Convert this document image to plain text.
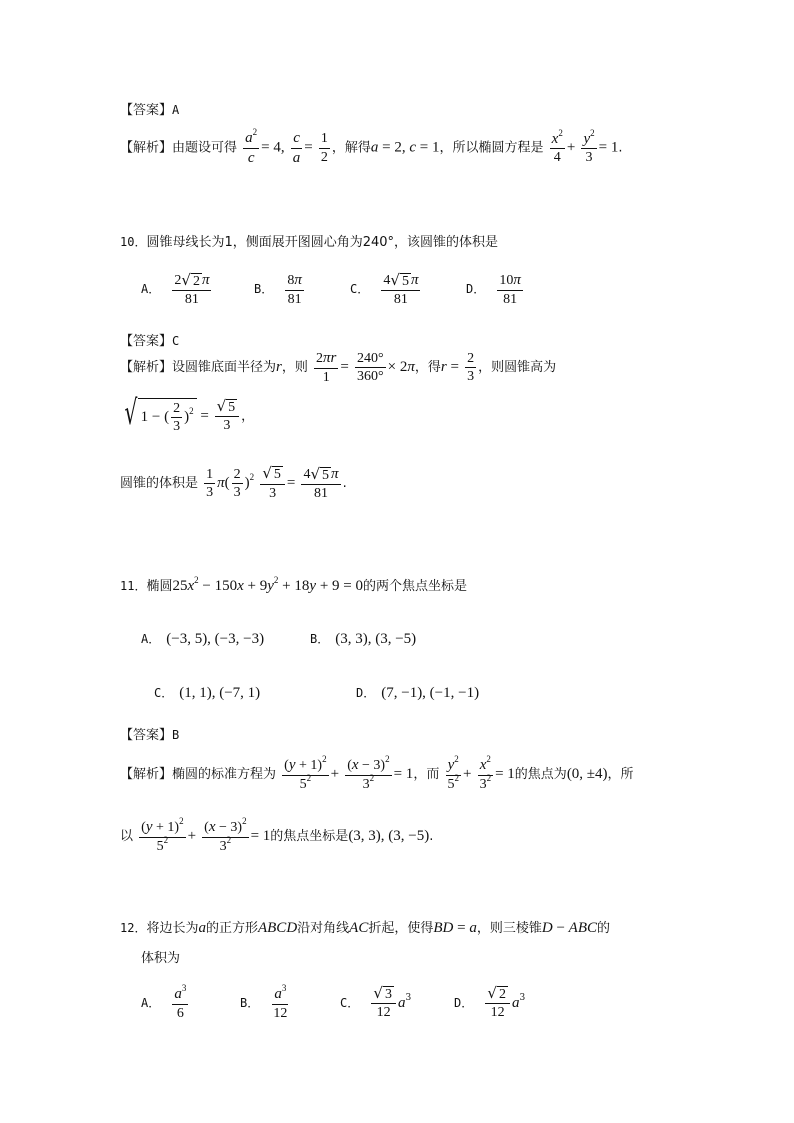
【答案】A
【解析】由题设可得 $\frac{a^2}{c} = 4$, $\frac{c}{a} = \frac{1}{2}$ ，解得a = 2, c = 1，所以椭圆方程是 $\frac{x^2}{4} + \frac{y^2}{3} = 1$.
10．圆锥母线长为1，侧面展开图圆心角为240°，该圆锥的体积是
A． $\frac{2 √ 2 \pi}{81}$	B． $\frac{8\pi}{81}$	C． $\frac{4 √ 5 \pi}{81}$	D． $\frac{10\pi}{81}$
【答案】C
【解析】设圆锥底面半径为r，则 $\frac{2\pi r}{1} = \frac{240^\circ}{360^\circ} \times 2\pi$，得$r = \frac{2}{3}$ ，则圆锥高为
√ 1 − ( $\frac{2}{3} )^2 = \frac{√ 5}{3}$ ，
圆锥的体积是 $\frac{1}{3} \pi( \frac{2}{3} )^2 \frac{√ 5}{3} = \frac{4 √ 5 \pi}{81}$ .
11．椭圆$25x^2 - 150x + 9y^2 + 18y + 9 = 0$的两个焦点坐标是
A． (−3, 5), (−3, −3)	B． (3, 3), (3, −5)
C． (1, 1), (−7, 1)	D． (7, −1), (−1, −1)
【答案】B
【解析】椭圆的标准方程为 $\frac{(y + 1)^2}{5^2} + \frac{(x - 3)^2}{3^2} = 1$，而 $\frac{y^2}{5^2} + \frac{x^2}{3^2} = 1$的焦点为(0, ±4)，所
以 $\frac{(y + 1)^2}{5^2} + \frac{(x - 3)^2}{3^2} = 1$的焦点坐标是(3, 3), (3, −5).
12．将边长为a的正方形ABCD沿对角线AC折起，使得BD = a，则三棱锥D − ABC的
体积为
A． $\frac{a^3}{6}$	B． $\frac{a^3}{12}$	C． $\frac{√ 3}{12} a^3$	D． $\frac{√ 2}{12} a^3$
